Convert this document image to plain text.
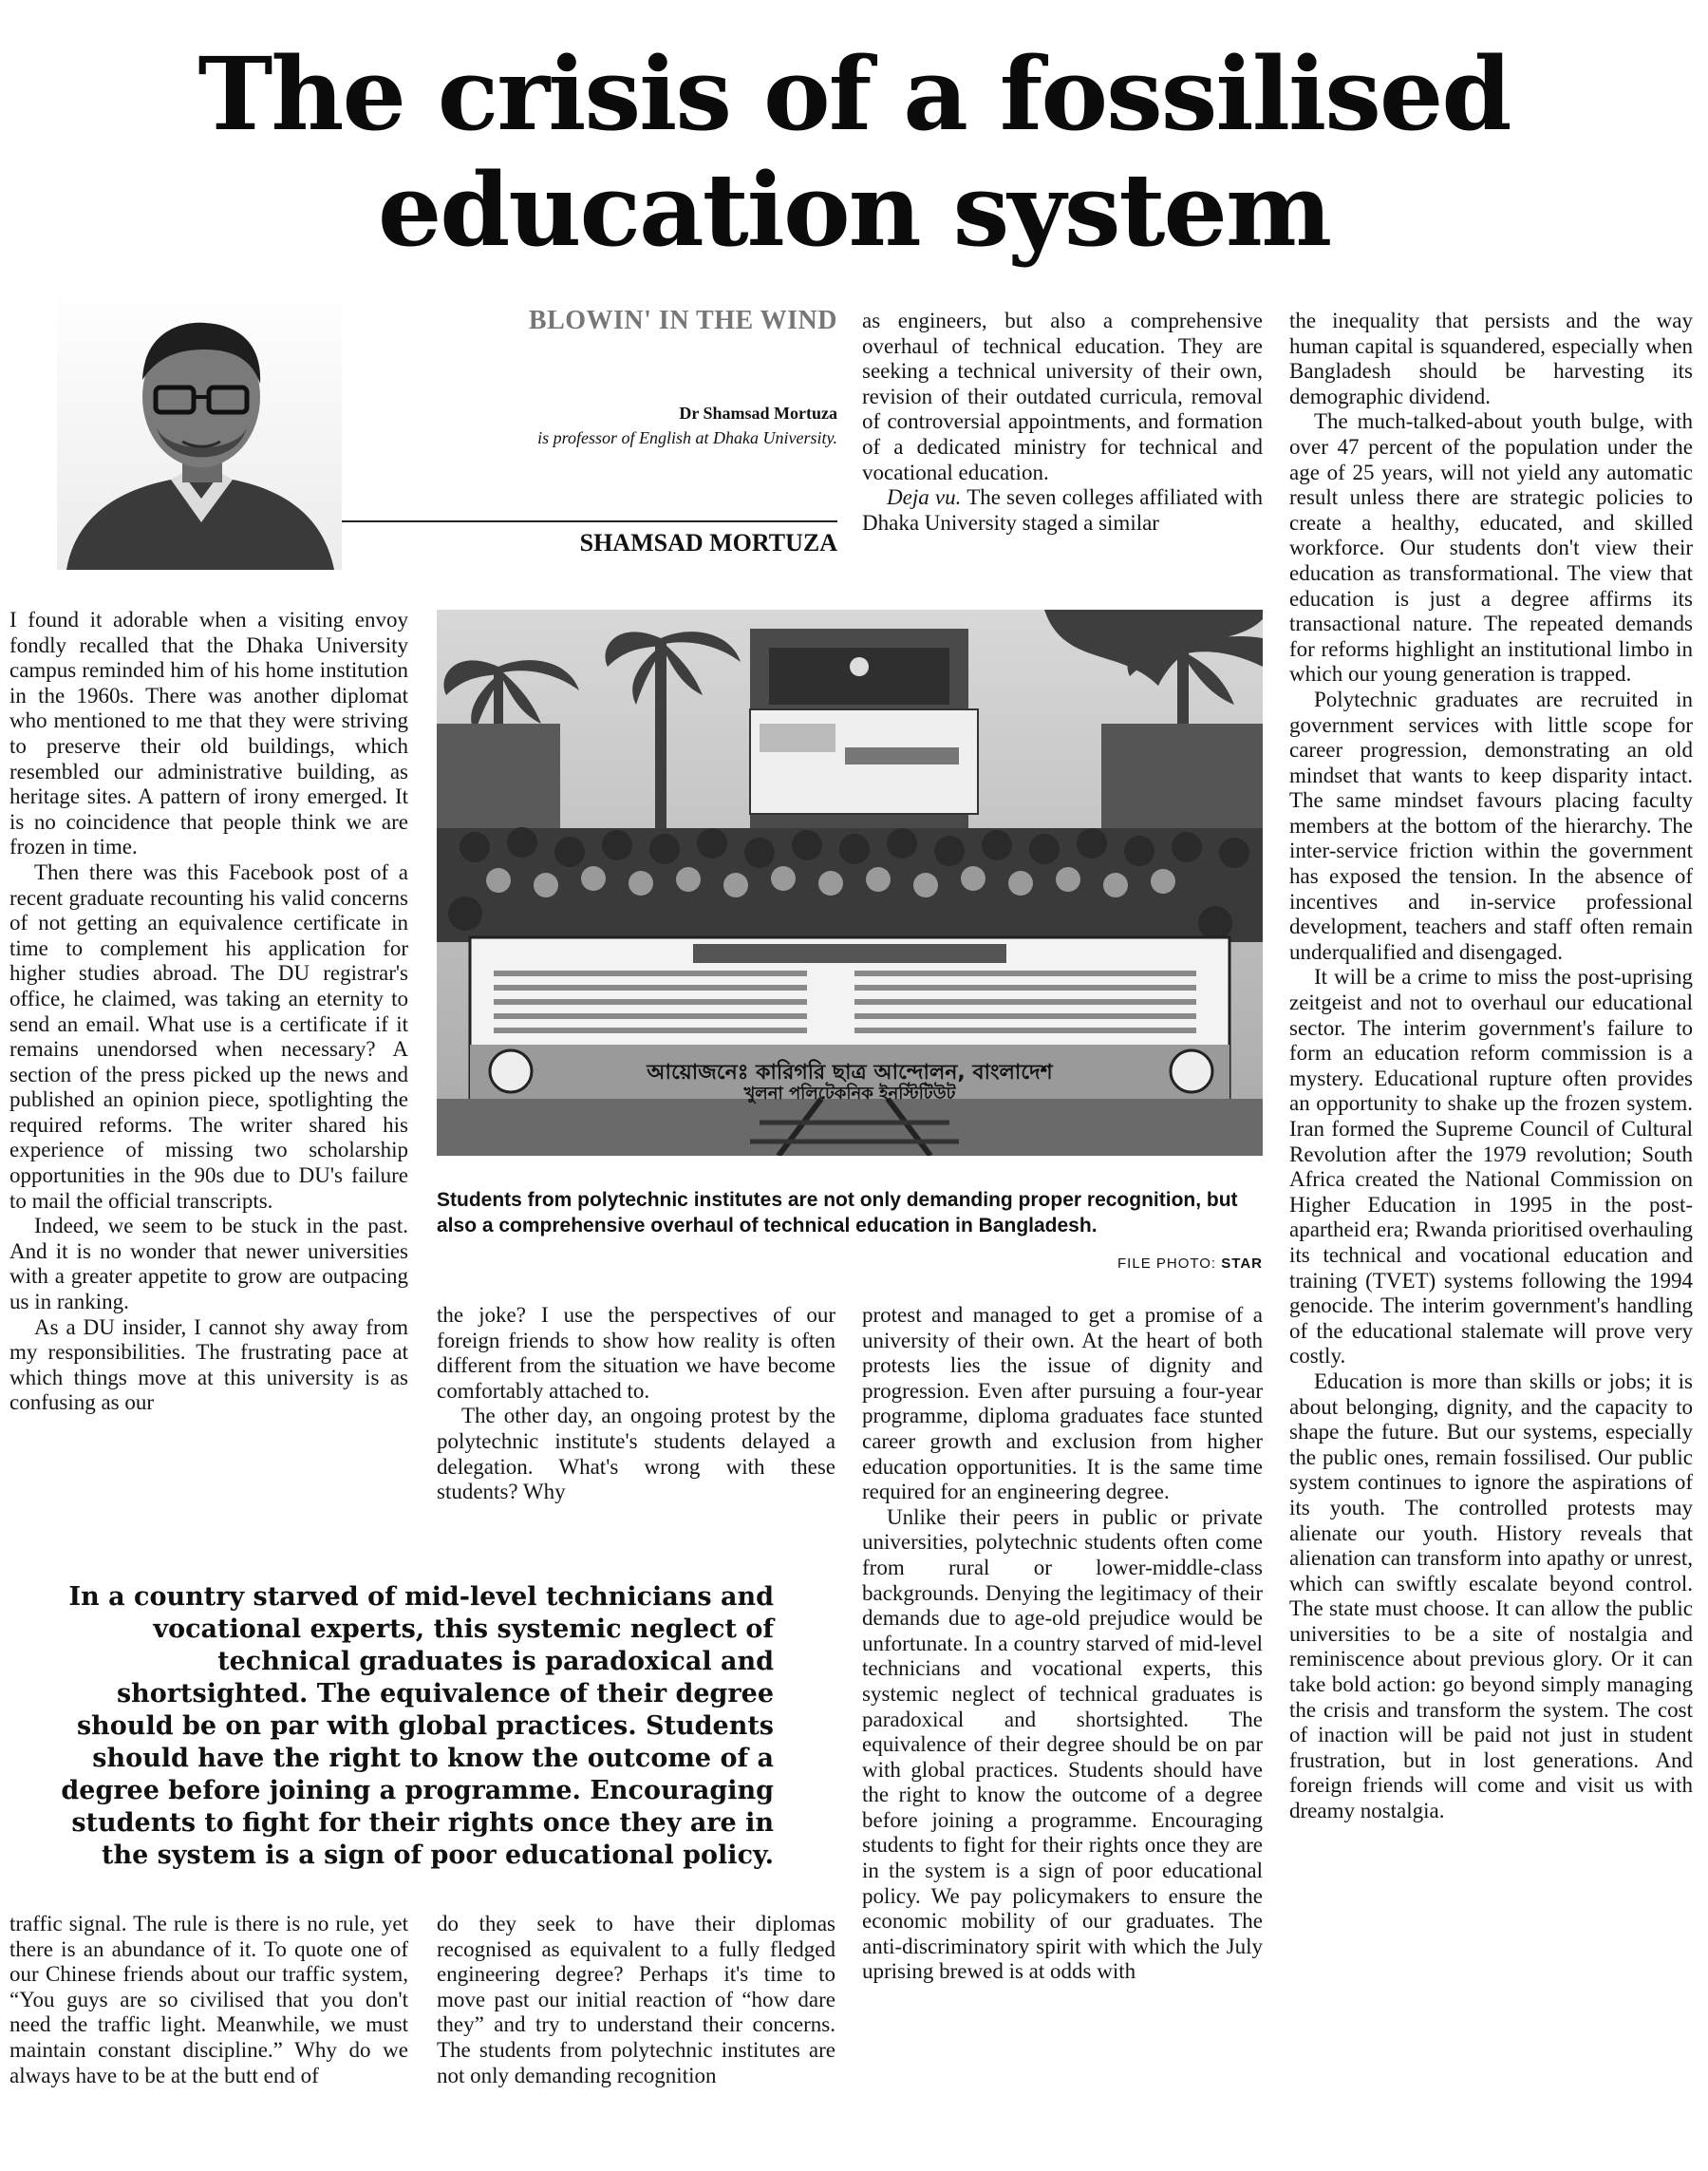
The crisis of a fossilised
education system
BLOWIN' IN THE WIND
Dr Shamsad Mortuza
is professor of English at Dhaka University.
SHAMSAD MORTUZA

I found it adorable when a visiting envoy fondly recalled that the Dhaka University campus reminded him of his home institution in the 1960s. There was another diplomat who mentioned to me that they were striving to preserve their old buildings, which resembled our administrative building, as heritage sites. A pattern of irony emerged. It is no coincidence that people think we are frozen in time.

Then there was this Facebook post of a recent graduate recounting his valid concerns of not getting an equivalence certificate in time to complement his application for higher studies abroad. The DU registrar's office, he claimed, was taking an eternity to send an email. What use is a certificate if it remains unendorsed when necessary? A section of the press picked up the news and published an opinion piece, spotlighting the required reforms. The writer shared his experience of missing two scholarship opportunities in the 90s due to DU's failure to mail the official transcripts.

Indeed, we seem to be stuck in the past. And it is no wonder that newer universities with a greater appetite to grow are outpacing us in ranking.

As a DU insider, I cannot shy away from my responsibilities. The frustrating pace at which things move at this university is as confusing as our

the joke? I use the perspectives of our foreign friends to show how reality is often different from the situation we have become comfortably attached to.

The other day, an ongoing protest by the polytechnic institute's students delayed a delegation. What's wrong with these students? Why

as engineers, but also a comprehensive overhaul of technical education. They are seeking a technical university of their own, revision of their outdated curricula, removal of controversial appointments, and formation of a dedicated ministry for technical and vocational education.

Deja vu. The seven colleges affiliated with Dhaka University staged a similar

protest and managed to get a promise of a university of their own. At the heart of both protests lies the issue of dignity and progression. Even after pursuing a four-year programme, diploma graduates face stunted career growth and exclusion from higher education opportunities. It is the same time required for an engineering degree.

Unlike their peers in public or private universities, polytechnic students often come from rural or lower-middle-class backgrounds. Denying the legitimacy of their demands due to age-old prejudice would be unfortunate. In a country starved of mid-level technicians and vocational experts, this systemic neglect of technical graduates is paradoxical and shortsighted. The equivalence of their degree should be on par with global practices. Students should have the right to know the outcome of a degree before joining a programme. Encouraging students to fight for their rights once they are in the system is a sign of poor educational policy. We pay policymakers to ensure the economic mobility of our graduates. The anti-discriminatory spirit with which the July uprising brewed is at odds with

the inequality that persists and the way human capital is squandered, especially when Bangladesh should be harvesting its demographic dividend.

The much-talked-about youth bulge, with over 47 percent of the population under the age of 25 years, will not yield any automatic result unless there are strategic policies to create a healthy, educated, and skilled workforce. Our students don't view their education as transformational. The view that education is just a degree affirms its transactional nature. The repeated demands for reforms highlight an institutional limbo in which our young generation is trapped.

Polytechnic graduates are recruited in government services with little scope for career progression, demonstrating an old mindset that wants to keep disparity intact. The same mindset favours placing faculty members at the bottom of the hierarchy. The inter-service friction within the government has exposed the tension. In the absence of incentives and in-service professional development, teachers and staff often remain underqualified and disengaged.

It will be a crime to miss the post-uprising zeitgeist and not to overhaul our educational sector. The interim government's failure to form an education reform commission is a mystery. Educational rupture often provides an opportunity to shake up the frozen system. Iran formed the Supreme Council of Cultural Revolution after the 1979 revolution; South Africa created the National Commission on Higher Education in 1995 in the post-apartheid era; Rwanda prioritised overhauling its technical and vocational education and training (TVET) systems following the 1994 genocide. The interim government's handling of the educational stalemate will prove very costly.

Education is more than skills or jobs; it is about belonging, dignity, and the capacity to shape the future. But our systems, especially the public ones, remain fossilised. Our public system continues to ignore the aspirations of its youth. The controlled protests may alienate our youth. History reveals that alienation can transform into apathy or unrest, which can swiftly escalate beyond control. The state must choose. It can allow the public universities to be a site of nostalgia and reminiscence about previous glory. Or it can take bold action: go beyond simply managing the crisis and transform the system. The cost of inaction will be paid not just in student frustration, but in lost generations. And foreign friends will come and visit us with dreamy nostalgia.

আয়োজনেঃ কারিগরি ছাত্র আন্দোলন, বাংলাদেশ
খুলনা পলিটেকনিক ইনস্টিটিউট
Students from polytechnic institutes are not only demanding proper recognition, but also a comprehensive overhaul of technical education in Bangladesh.
FILE PHOTO: STAR
In a country starved of mid-level technicians and vocational experts, this systemic neglect of technical graduates is paradoxical and shortsighted. The equivalence of their degree should be on par with global practices. Students should have the right to know the outcome of a degree before joining a programme. Encouraging students to fight for their rights once they are in the system is a sign of poor educational policy.

traffic signal. The rule is there is no rule, yet there is an abundance of it. To quote one of our Chinese friends about our traffic system, “You guys are so civilised that you don't need the traffic light. Meanwhile, we must maintain constant discipline.” Why do we always have to be at the butt end of

do they seek to have their diplomas recognised as equivalent to a fully fledged engineering degree? Perhaps it's time to move past our initial reaction of “how dare they” and try to understand their concerns. The students from polytechnic institutes are not only demanding recognition
